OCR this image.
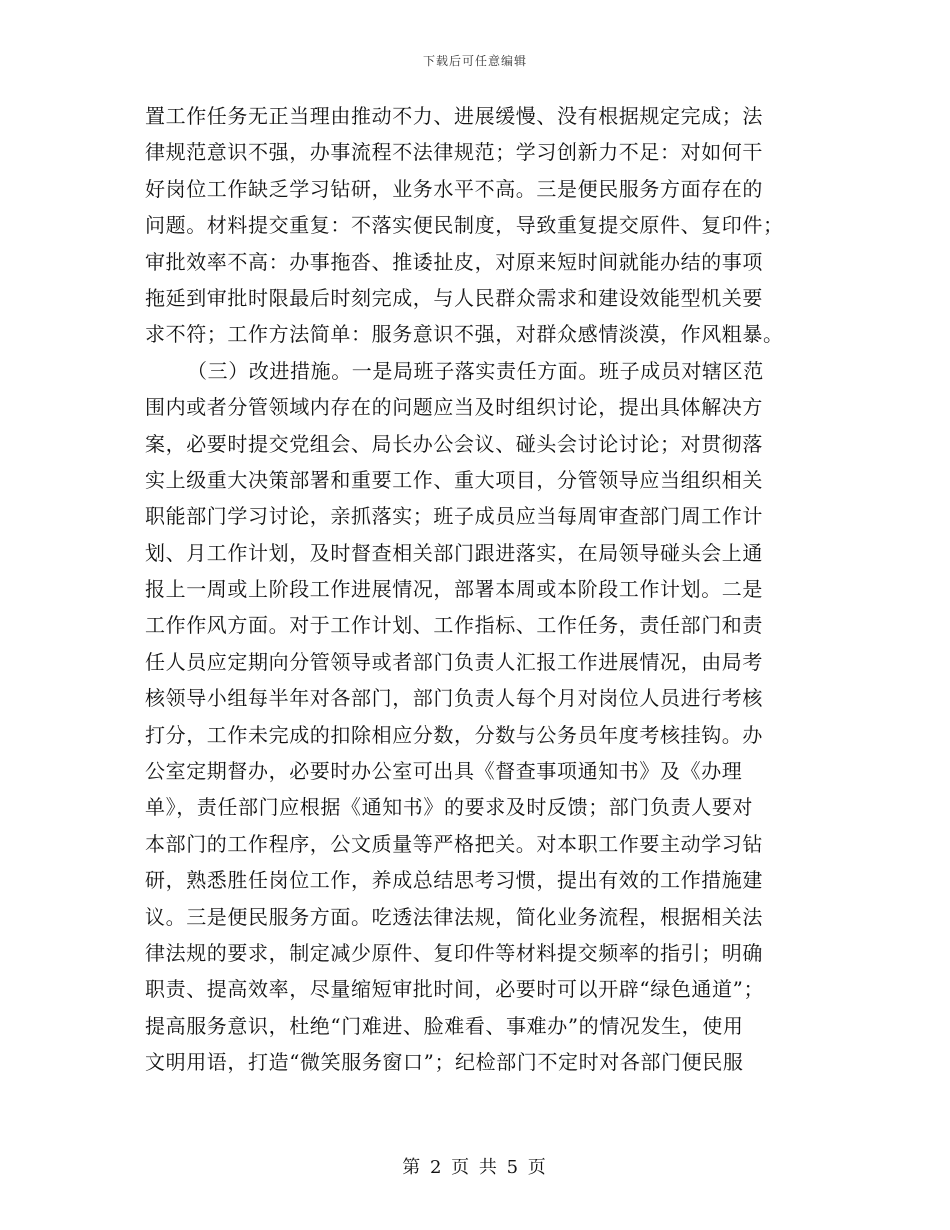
下载后可任意编辑
置工作任务无正当理由推动不力、进展缓慢、没有根据规定完成；法
律规范意识不强，办事流程不法律规范；学习创新力不足：对如何干
好岗位工作缺乏学习钻研，业务水平不高。三是便民服务方面存在的
问题。材料提交重复：不落实便民制度，导致重复提交原件、复印件；
审批效率不高：办事拖沓、推诿扯皮，对原来短时间就能办结的事项
拖延到审批时限最后时刻完成，与人民群众需求和建设效能型机关要
求不符；工作方法简单：服务意识不强，对群众感情淡漠，作风粗暴。
（三）改进措施。一是局班子落实责任方面。班子成员对辖区范
围内或者分管领域内存在的问题应当及时组织讨论，提出具体解决方
案，必要时提交党组会、局长办公会议、碰头会讨论讨论；对贯彻落
实上级重大决策部署和重要工作、重大项目，分管领导应当组织相关
职能部门学习讨论，亲抓落实；班子成员应当每周审查部门周工作计
划、月工作计划，及时督查相关部门跟进落实，在局领导碰头会上通
报上一周或上阶段工作进展情况，部署本周或本阶段工作计划。二是
工作作风方面。对于工作计划、工作指标、工作任务，责任部门和责
任人员应定期向分管领导或者部门负责人汇报工作进展情况，由局考
核领导小组每半年对各部门，部门负责人每个月对岗位人员进行考核
打分，工作未完成的扣除相应分数，分数与公务员年度考核挂钩。办
公室定期督办，必要时办公室可出具《督查事项通知书》及《办理
单》，责任部门应根据《通知书》的要求及时反馈；部门负责人要对
本部门的工作程序，公文质量等严格把关。对本职工作要主动学习钻
研，熟悉胜任岗位工作，养成总结思考习惯，提出有效的工作措施建
议。三是便民服务方面。吃透法律法规，简化业务流程，根据相关法
律法规的要求，制定减少原件、复印件等材料提交频率的指引；明确
职责、提高效率，尽量缩短审批时间，必要时可以开辟“绿色通道”；
提高服务意识，杜绝“门难进、脸难看、事难办”的情况发生，使用
文明用语，打造“微笑服务窗口”；纪检部门不定时对各部门便民服
第 2 页 共 5 页
